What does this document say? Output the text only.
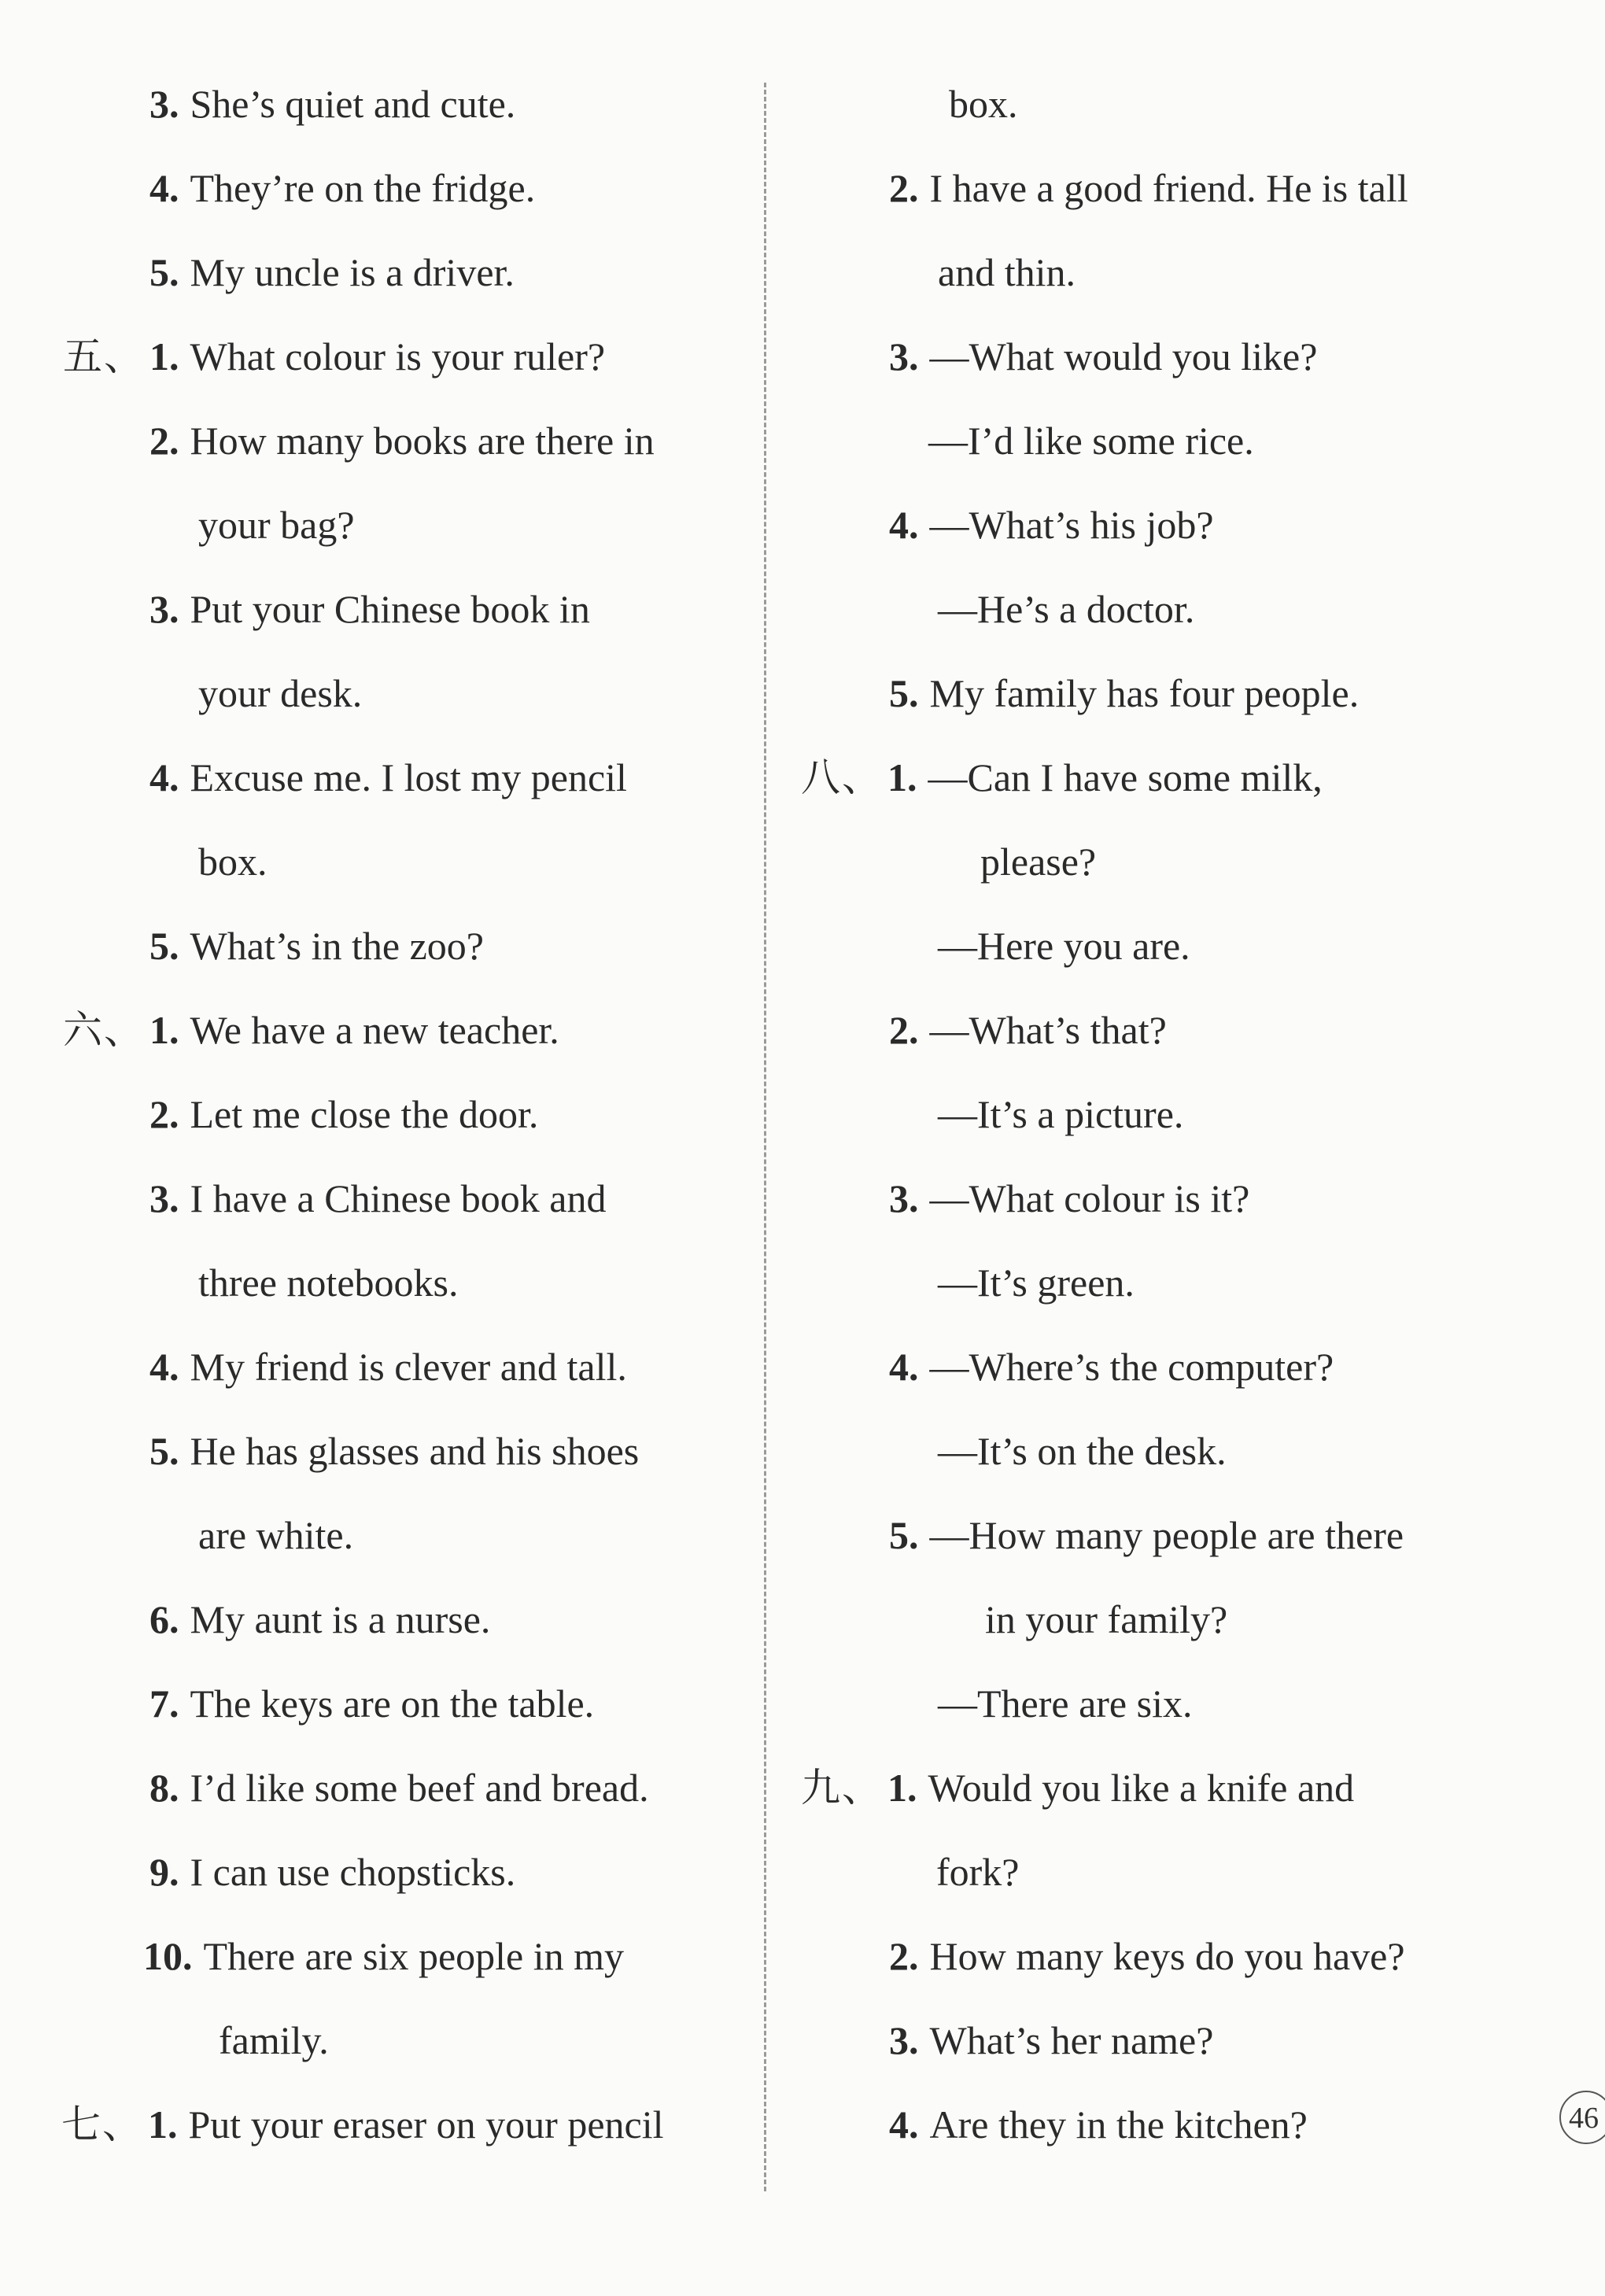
3. She’s quiet and cute.
4. They’re on the fridge.
5. My uncle is a driver.
五、 1. What colour is your ruler?
2. How many books are there in
your bag?
3. Put your Chinese book in
your desk.
4. Excuse me. I lost my pencil
box.
5. What’s in the zoo?
六、 1. We have a new teacher.
2. Let me close the door.
3. I have a Chinese book and
three notebooks.
4. My friend is clever and tall.
5. He has glasses and his shoes
are white.
6. My aunt is a nurse.
7. The keys are on the table.
8. I’d like some beef and bread.
9. I can use chopsticks.
10. There are six people in my
family.
七、 1. Put your eraser on your pencil
box.
2. I have a good friend. He is tall
and thin.
3. —What would you like?
—I’d like some rice.
4. —What’s his job?
—He’s a doctor.
5. My family has four people.
八、 1. —Can I have some milk,
please?
—Here you are.
2. —What’s that?
—It’s a picture.
3. —What colour is it?
—It’s green.
4. —Where’s the computer?
—It’s on the desk.
5. —How many people are there
in your family?
—There are six.
九、 1. Would you like a knife and
fork?
2. How many keys do you have?
3. What’s her name?
4. Are they in the kitchen?	46
